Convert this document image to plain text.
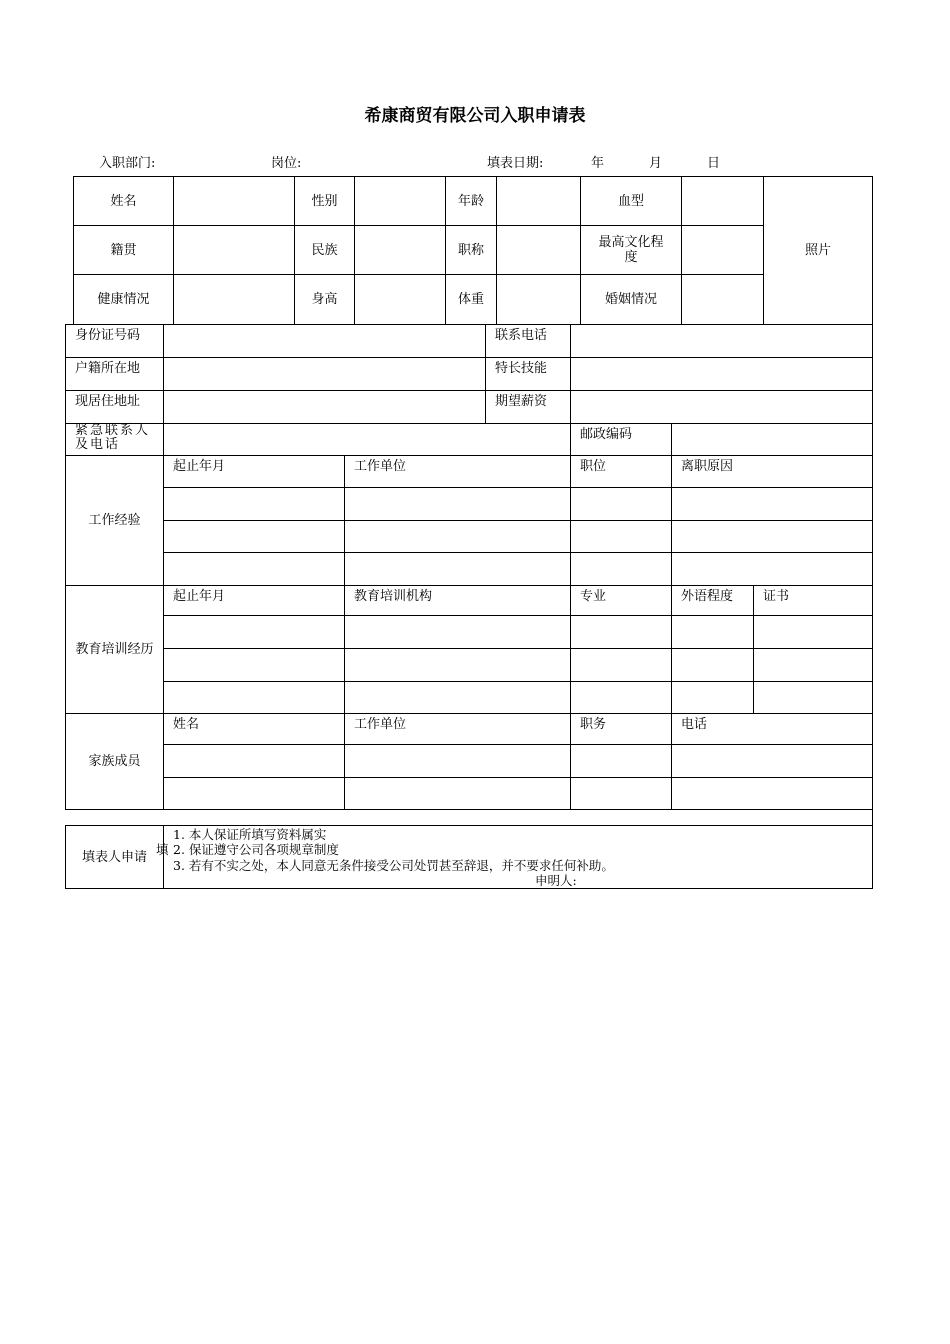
希康商贸有限公司入职申请表
入职部门:	岗位:	填表日期:	年	月	日
姓名		性别		年龄		血型		照片
籍贯		民族		职称		最高文化程度		
健康情况		身高		体重		婚姻情况		
身份证号码			联系电话			
户籍所在地			特长技能			
现居住地址			期望薪资			
紧急联系人及电话				邮政编码		
工作经验	起止年月	工作单位		职位	离职原因	

教育培训经历	起止年月	教育培训机构		专业	外语程度	证书

家族成员	姓名	工作单位		职务	电话	

填表人申请	1. 本人保证所填写资料属实
填 2. 保证遵守公司各项规章制度
3. 若有不实之处，本人同意无条件接受公司处罚甚至辞退，并不要求任何补助。
申明人:					
